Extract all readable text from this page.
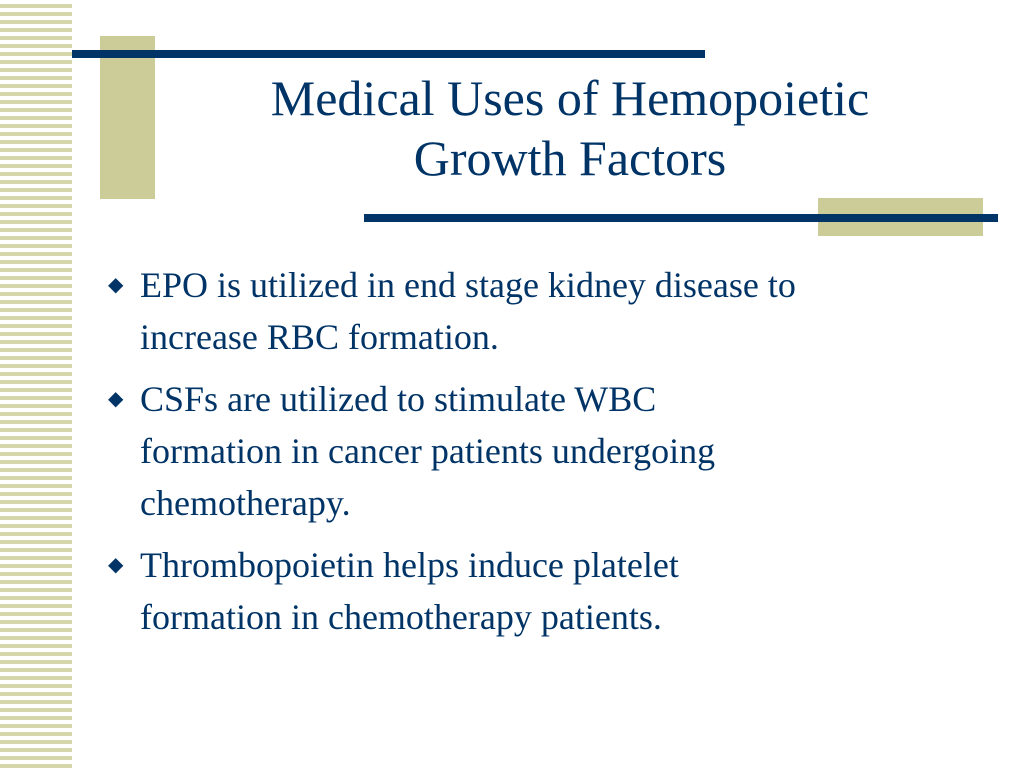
Medical Uses of Hemopoietic
Growth Factors
◆ EPO is utilized in end stage kidney disease to
increase RBC formation.
◆ CSFs are utilized to stimulate WBC
formation in cancer patients undergoing
chemotherapy.
◆ Thrombopoietin helps induce platelet
formation in chemotherapy patients.
